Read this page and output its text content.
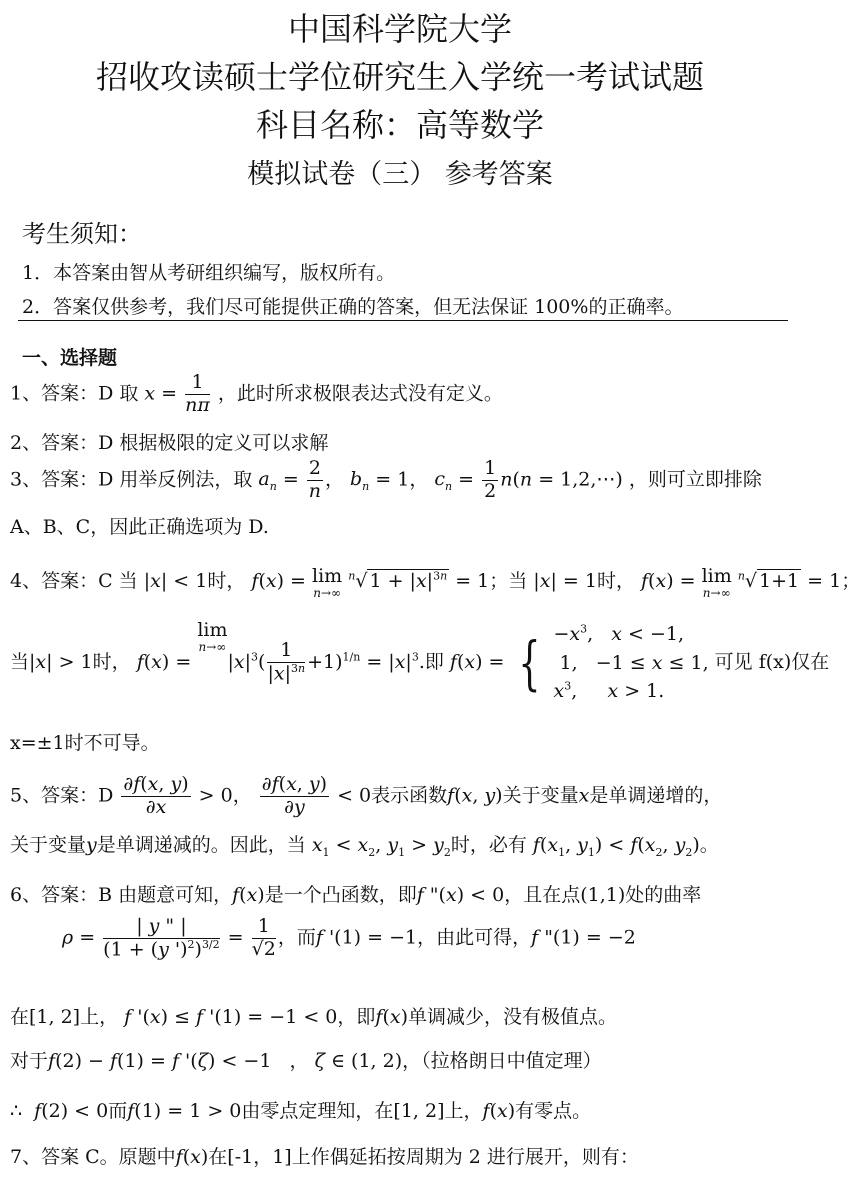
中国科学院大学
招收攻读硕士学位研究生入学统一考试试题
科目名称：高等数学
模拟试卷（三） 参考答案
考生须知：
1．本答案由智从考研组织编写，版权所有。
2．答案仅供参考，我们尽可能提供正确的答案，但无法保证 100%的正确率。
一、选择题
1、答案：D 取 $x = \frac{1}{n\pi}$ ，此时所求极限表达式没有定义。
2、答案：D 根据极限的定义可以求解
3、答案：D 用举反例法，取 $a_n = \frac{2}{n}$ ， $b_n = 1$， $c_n = \frac{1}{2} n(n$ = 1,2,⋯) ，则可立即排除
A、B、C，因此正确选项为 D.
4、答案：C 当 |x| < 1时， f(x) = lim
n→∞
$^n$√ $1 + |x|^{3n} = 1$；当 |x| = 1时， f(x) = lim
n→∞
$^n$√ 1+1 = 1；
当|x| > 1时， f(x) = lim
n→∞
$|x|^3( \frac{1}{|x|^{3n}} +1)^{1/n} = |x|^3$.即 f(x) = { $-x^3$,   x < −1,
1,   −1 ≤ x ≤ 1,
$x^3$,     x > 1. 可见 f(x)仅在
x=±1时不可导。
5、答案：D $\frac{\partial f(x, y)}{\partial x} > 0$， $\frac{\partial f(x, y)}{\partial y} < 0$表示函数f(x, y)关于变量x是单调递增的，
关于变量y是单调递减的。因此，当 $x_1 < x_2$, $y_1 > y_2$时，必有 $f(x_1$, $y_1) < f(x_2$, $y_2$)。
6、答案：B 由题意可知，f(x)是一个凸函数，即f "(x) < 0，且在点(1,1)处的曲率
$\rho = \frac{| y " |}{(1 + (y ')^2)^{3/2}} = \frac{1}{√2}$ ，而f '(1) = −1，由此可得，f "(1) = −2
在[1, 2]上， f '(x) ≤ f '(1) = −1 < 0，即f(x)单调减少，没有极值点。
对于f(2) − f(1) = f '(ζ) < −1   ， ζ ∈ (1, 2)，（拉格朗日中值定理）
∴  f(2) < 0而f(1) = 1 > 0由零点定理知，在[1, 2]上，f(x)有零点。
7、答案 C。原题中f(x)在[-1，1]上作偶延拓按周期为 2 进行展开，则有：
